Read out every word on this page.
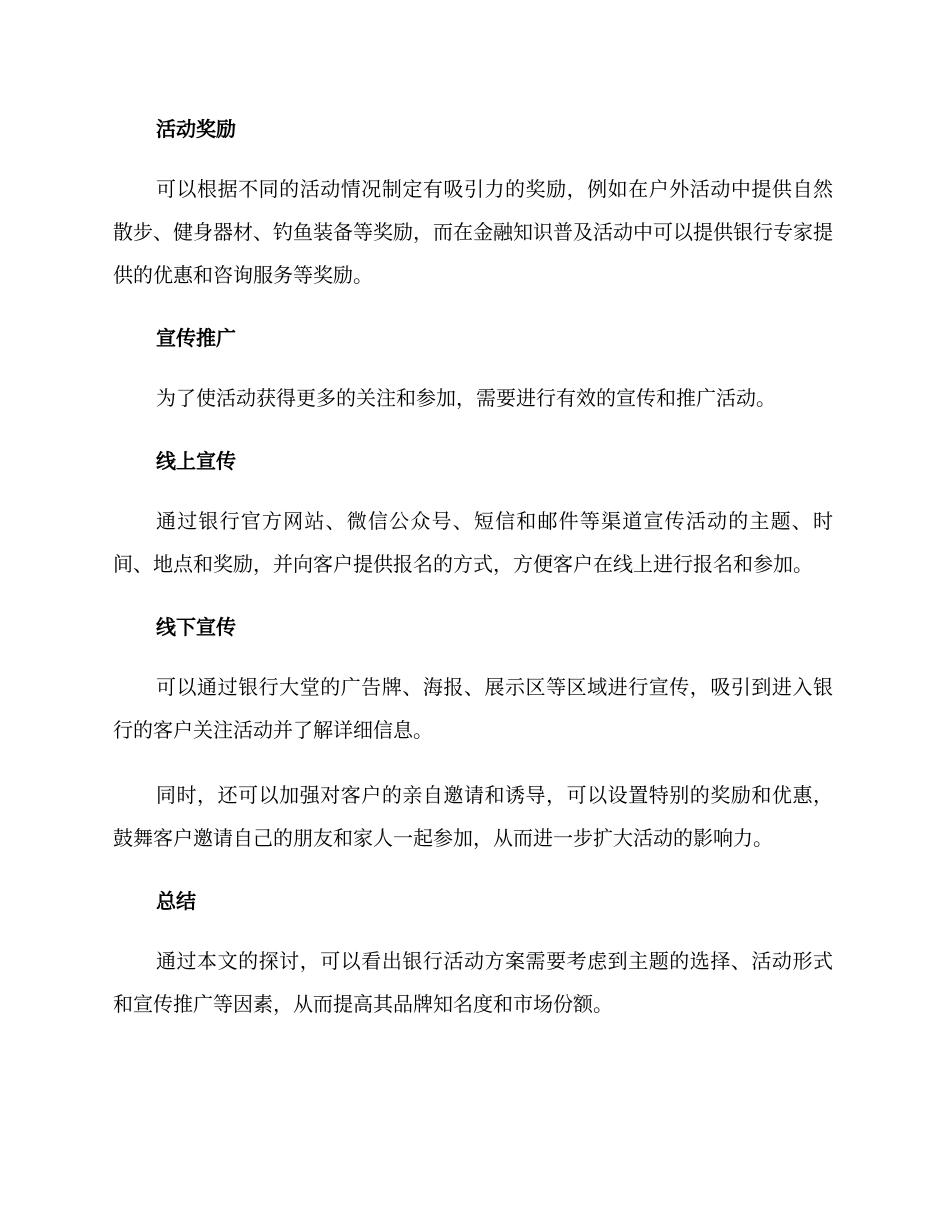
活动奖励

可以根据不同的活动情况制定有吸引力的奖励，例如在户外活动中提供自然散步、健身器材、钓鱼装备等奖励，而在金融知识普及活动中可以提供银行专家提供的优惠和咨询服务等奖励。

宣传推广

为了使活动获得更多的关注和参加，需要进行有效的宣传和推广活动。

线上宣传

通过银行官方网站、微信公众号、短信和邮件等渠道宣传活动的主题、时间、地点和奖励，并向客户提供报名的方式，方便客户在线上进行报名和参加。

线下宣传

可以通过银行大堂的广告牌、海报、展示区等区域进行宣传，吸引到进入银行的客户关注活动并了解详细信息。

同时，还可以加强对客户的亲自邀请和诱导，可以设置特别的奖励和优惠，鼓舞客户邀请自己的朋友和家人一起参加，从而进一步扩大活动的影响力。

总结

通过本文的探讨，可以看出银行活动方案需要考虑到主题的选择、活动形式和宣传推广等因素，从而提高其品牌知名度和市场份额。
